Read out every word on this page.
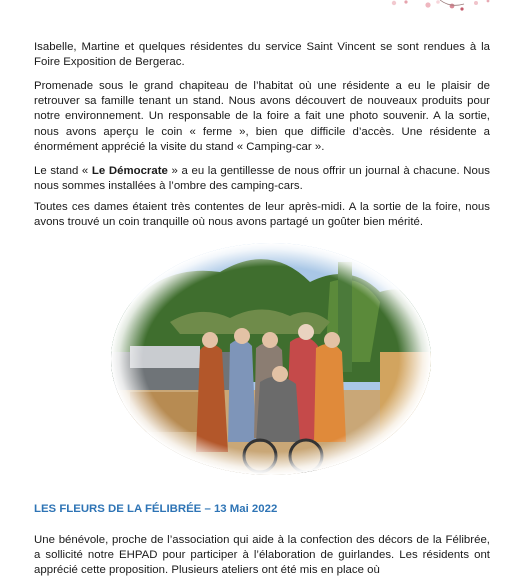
Isabelle, Martine et quelques résidentes du service Saint Vincent se sont rendues à la Foire Exposition de Bergerac.

Promenade sous le grand chapiteau de l’habitat où une résidente a eu le plaisir de retrouver sa famille tenant un stand. Nous avons découvert de nouveaux produits pour notre environnement. Un responsable de la foire a fait une photo souvenir. A la sortie, nous avons aperçu le coin « ferme », bien que difficile d’accès. Une résidente a énormément apprécié la visite du stand « Camping-car ».

Le stand « Le Démocrate » a eu la gentillesse de nous offrir un journal à chacune. Nous nous sommes installées à l’ombre des camping-cars.

Toutes ces dames étaient très contentes de leur après-midi. A la sortie de la foire, nous avons trouvé un coin tranquille où nous avons partagé un goûter bien mérité.

LES FLEURS DE LA FÉLIBRÉE – 13 Mai 2022

Une bénévole, proche de l’association qui aide à la confection des décors de la Félibrée, a sollicité notre EHPAD pour participer à l’élaboration de guirlandes. Les résidents ont apprécié cette proposition. Plusieurs ateliers ont été mis en place où
